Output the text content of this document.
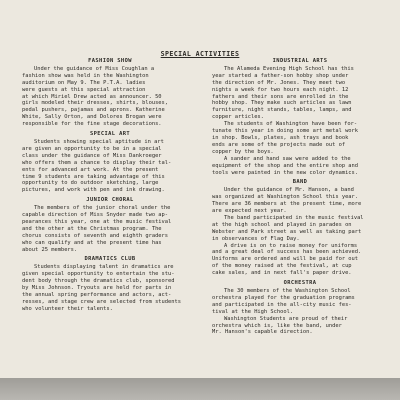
SPECIAL ACTIVITIES
FASHION SHOW

Under the guidance of Miss Coughlan a
fashion show was held in the Washington
auditorium on May 9. The P.T.A. ladies
were guests at this special attraction
at which Miriel Drew acted as announcer. 50
girls modeled their dresses, shirts, blouses,
pedal pushers, pajamas and aprons. Katherine
White, Sally Orton, and Dolores Brogan were
responsible for the fine stage decorations.

SPECIAL ART

Students showing special aptitude in art
are given an opportunity to be in a special
class under the guidance of Miss Dankroeger
who offers them a chance to display their tal-
ents for advanced art work. At the present
time 9 students are taking advantage of this
opportunity to do outdoor sketching, large
pictures, and work with pen and ink drawing.

JUNIOR CHORAL

The members of the junior choral under the
capable direction of Miss Snyder made two ap-
pearances this year, one at the music festival
and the other at the Christmas program. The
chorus consists of seventh and eighth graders
who can qualify and at the present time has
about 25 members.

DRAMATICS CLUB

Students displaying talent in dramatics are
given special opportunity to entertain the stu-
dent body through the dramatics club, sponsored
by Miss Johnson. Tryouts are held for parts in
the annual spring performance and actors, act-
resses, and stage crew are selected from students
who volunteer their talents.

INDUSTRIAL ARTS

The Alameda Evening High School has this
year started a father-son hobby shop under
the direction of Mr. Jones. They meet two
nights a week for two hours each night. 12
fathers and their sons are enrolled in the
hobby shop. They make such articles as lawn
furniture, night stands, tables, lamps, and
copper articles.

The students of Washington have been for-
tunate this year in doing some art metal work
in shop. Bowls, plates, ash trays and book
ends are some of the projects made out of
copper by the boys.

A sander and hand saw were added to the
equipment of the shop and the entire shop and
tools were painted in the new color dynamics.

BAND

Under the guidance of Mr. Hanson, a band
was organized at Washington School this year.
There are 36 members at the present time, more
are expected next year.

The band participated in the music festival
at the high school and played in parades on
Webster and Park street as well as taking part
in observances of Flag Day.

A drive is on to raise money for uniforms
and a great deal of success has been achieved.
Uniforms are ordered and will be paid for out
of the money raised at the festival, at cup
cake sales, and in next fall's paper drive.

ORCHESTRA

The 30 members of the Washington School
orchestra played for the graduation programs
and participated in the all-city music fes-
tival at the High School.

Washington Students are proud of their
orchestra which is, like the band, under
Mr. Hanson's capable direction.
